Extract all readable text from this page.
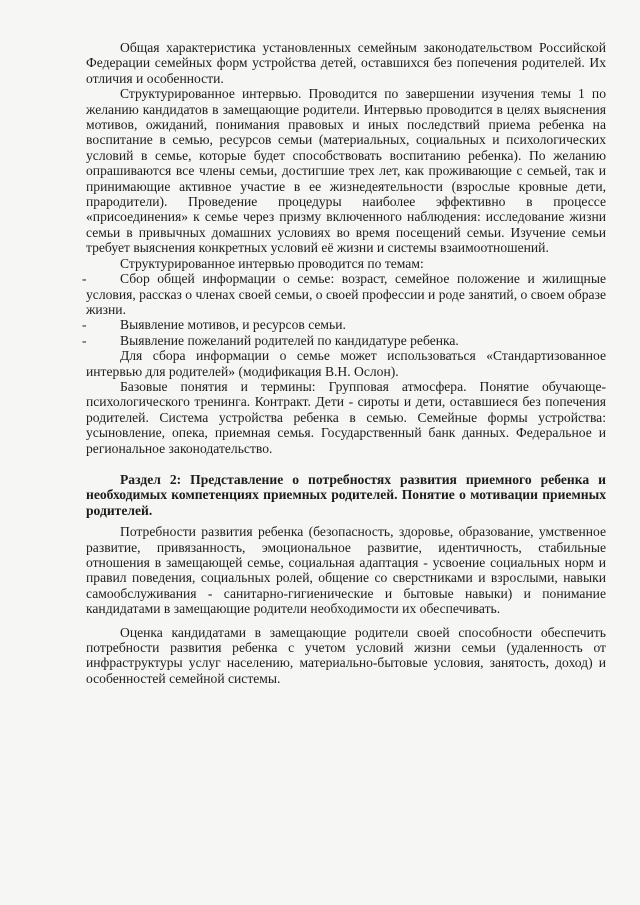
Общая характеристика установленных семейным законодательством Российской Федерации семейных форм устройства детей, оставшихся без попечения родителей. Их отличия и особенности.

Структурированное интервью. Проводится по завершении изучения темы 1 по желанию кандидатов в замещающие родители. Интервью проводится в целях выяснения мотивов, ожиданий, понимания правовых и иных последствий приема ребенка на воспитание в семью, ресурсов семьи (материальных, социальных и психологических условий в семье, которые будет способствовать воспитанию ребенка). По желанию опрашиваются все члены семьи, достигшие трех лет, как проживающие с семьей, так и принимающие активное участие в ее жизнедеятельности (взрослые кровные дети, прародители). Проведение процедуры наиболее эффективно в процессе «присоединения» к семье через призму включенного наблюдения: исследование жизни семьи в привычных домашних условиях во время посещений семьи. Изучение семьи требует выяснения конкретных условий её жизни и системы взаимоотношений.

Структурированное интервью проводится по темам:

- Сбор общей информации о семье: возраст, семейное положение и жилищные условия, рассказ о членах своей семьи, о своей профессии и роде занятий, о своем образе жизни.

- Выявление мотивов, и ресурсов семьи.

- Выявление пожеланий родителей по кандидатуре ребенка.

Для сбора информации о семье может использоваться «Стандартизованное интервью для родителей» (модификация В.Н. Ослон).

Базовые понятия и термины: Групповая атмосфера. Понятие обучающе-психологического тренинга. Контракт. Дети - сироты и дети, оставшиеся без попечения родителей. Система устройства ребенка в семью. Семейные формы устройства: усыновление, опека, приемная семья. Государственный банк данных. Федеральное и региональное законодательство.

Раздел 2: Представление о потребностях развития приемного ребенка и необходимых компетенциях приемных родителей. Понятие о мотивации приемных родителей.

Потребности развития ребенка (безопасность, здоровье, образование, умственное развитие, привязанность, эмоциональное развитие, идентичность, стабильные отношения в замещающей семье, социальная адаптация - усвоение социальных норм и правил поведения, социальных ролей, общение со сверстниками и взрослыми, навыки самообслуживания - санитарно-гигиенические и бытовые навыки) и понимание кандидатами в замещающие родители необходимости их обеспечивать.

Оценка кандидатами в замещающие родители своей способности обеспечить потребности развития ребенка с учетом условий жизни семьи (удаленность от инфраструктуры услуг населению, материально-бытовые условия, занятость, доход) и особенностей семейной системы.
